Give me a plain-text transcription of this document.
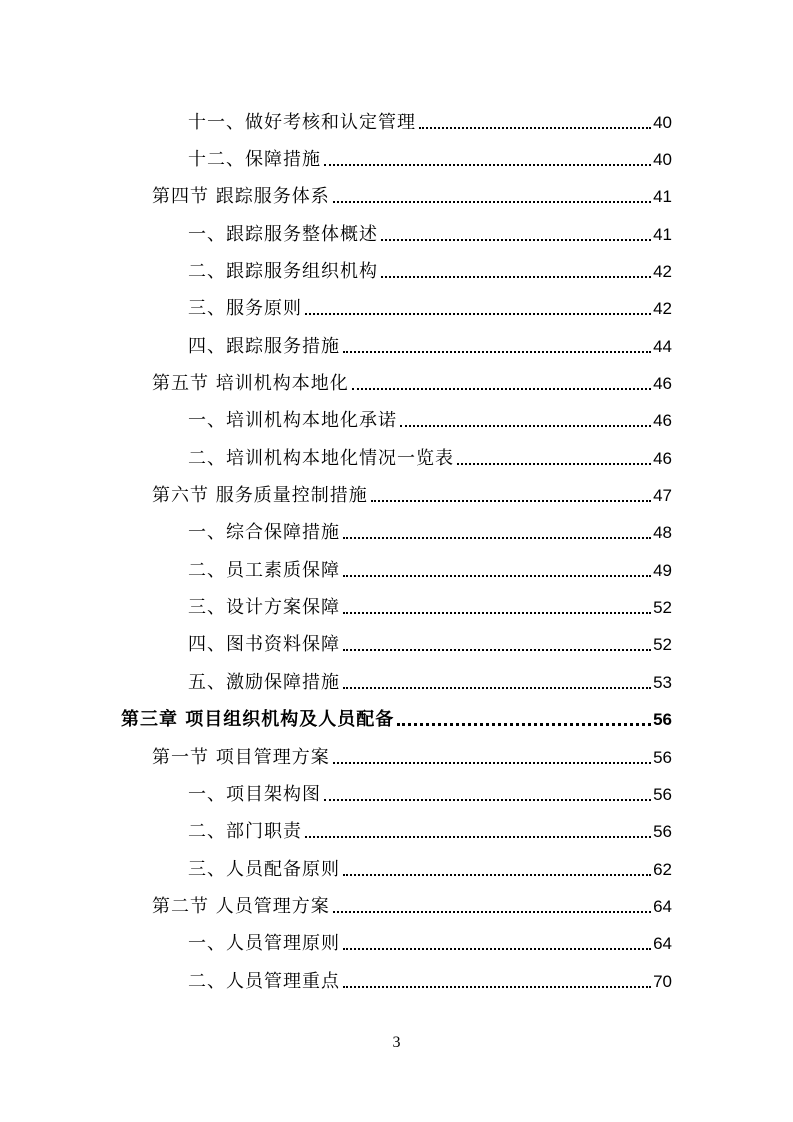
十一、做好考核和认定管理	40
十二、保障措施	40
第四节 跟踪服务体系	41
一、跟踪服务整体概述	41
二、跟踪服务组织机构	42
三、服务原则	42
四、跟踪服务措施	44
第五节 培训机构本地化	46
一、培训机构本地化承诺	46
二、培训机构本地化情况一览表	46
第六节 服务质量控制措施	47
一、综合保障措施	48
二、员工素质保障	49
三、设计方案保障	52
四、图书资料保障	52
五、激励保障措施	53
第三章 项目组织机构及人员配备	56
第一节 项目管理方案	56
一、项目架构图	56
二、部门职责	56
三、人员配备原则	62
第二节 人员管理方案	64
一、人员管理原则	64
二、人员管理重点	70
3
